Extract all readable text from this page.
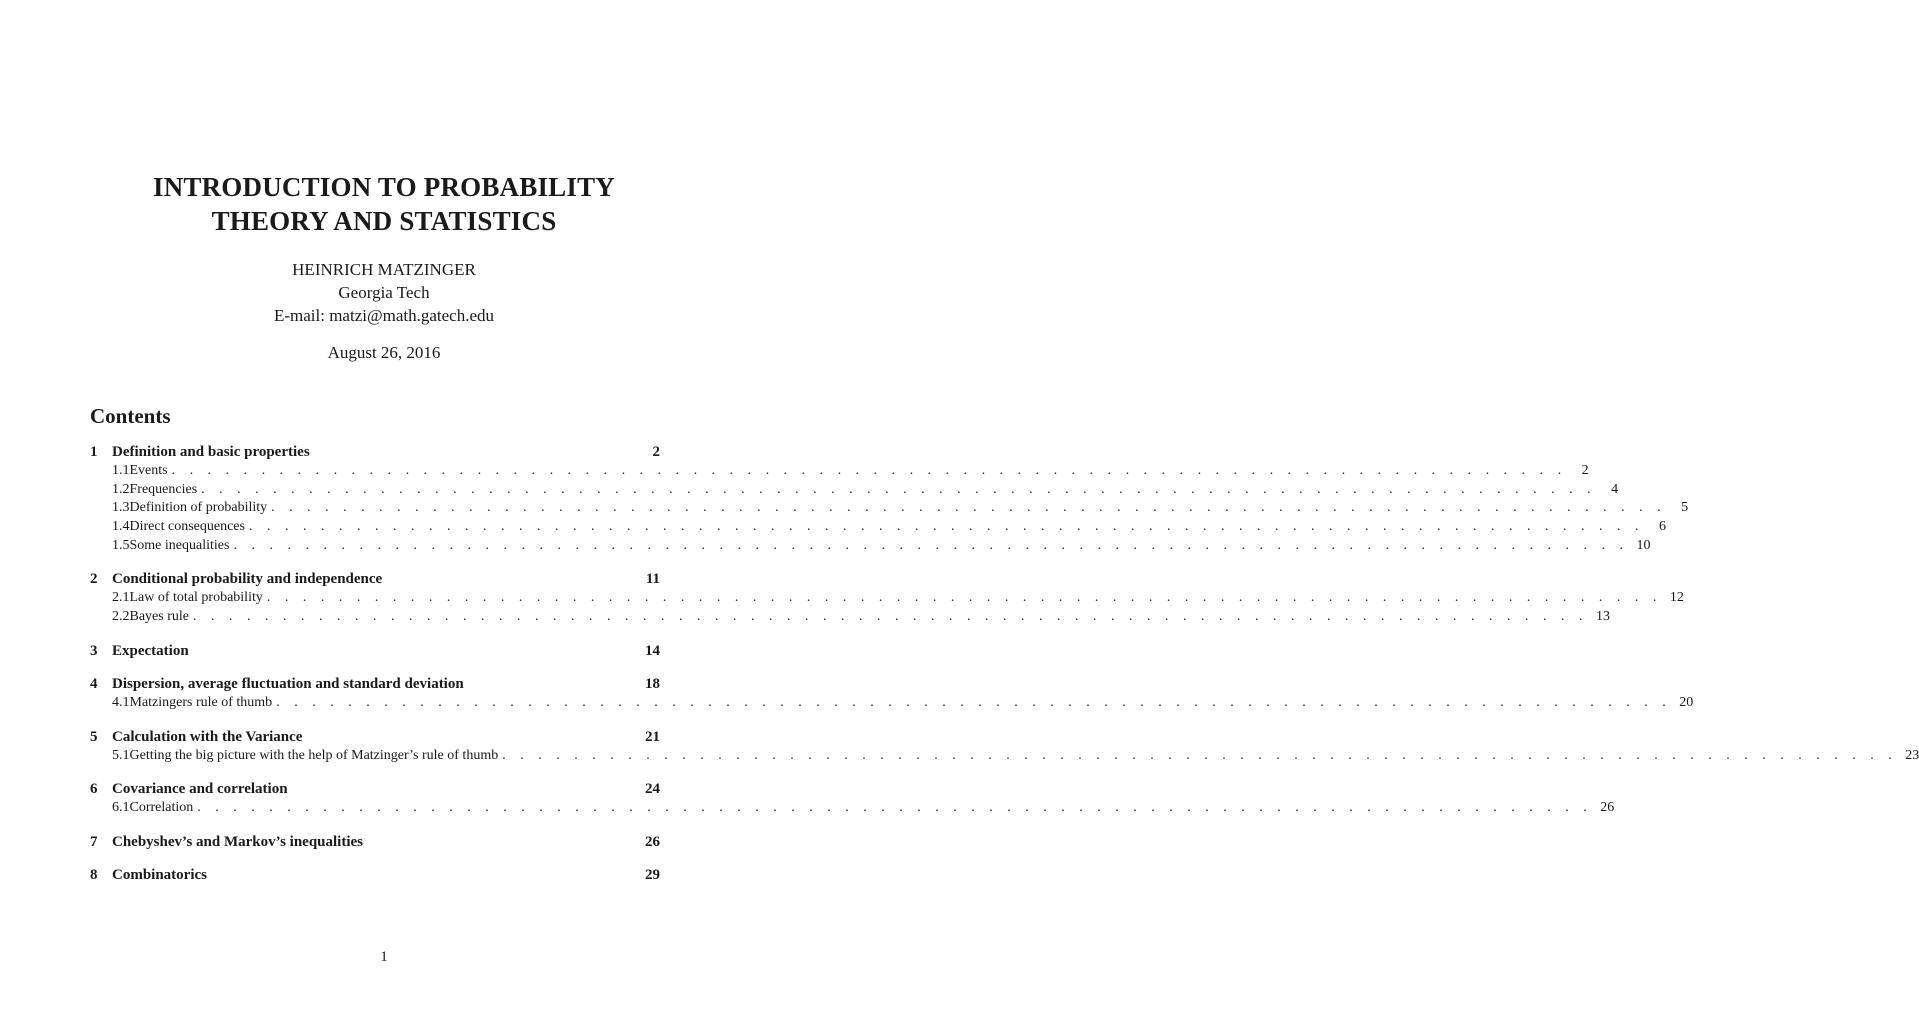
INTRODUCTION TO PROBABILITY
THEORY AND STATISTICS
HEINRICH MATZINGER
Georgia Tech
E-mail: matzi@math.gatech.edu
August 26, 2016
Contents
1 Definition and basic properties	2
1.1 Events . . . . . . . . . . . . . . . . . . . . . . . . . . . . . . . . . . . . . . . . . . . . . . . . . . . . . . . . . . . . . . . . . . . . . . . . . . . . . .	2
1.2 Frequencies . . . . . . . . . . . . . . . . . . . . . . . . . . . . . . . . . . . . . . . . . . . . . . . . . . . . . . . . . . . . . . . . . . . . . . . . . . . . . .	4
1.3 Definition of probability . . . . . . . . . . . . . . . . . . . . . . . . . . . . . . . . . . . . . . . . . . . . . . . . . . . . . . . . . . . . . . . . . . . . . . . . . . . . . .	5
1.4 Direct consequences . . . . . . . . . . . . . . . . . . . . . . . . . . . . . . . . . . . . . . . . . . . . . . . . . . . . . . . . . . . . . . . . . . . . . . . . . . . . . .	6
1.5 Some inequalities . . . . . . . . . . . . . . . . . . . . . . . . . . . . . . . . . . . . . . . . . . . . . . . . . . . . . . . . . . . . . . . . . . . . . . . . . . . . . . 10
2 Conditional probability and independence	11
2.1 Law of total probability . . . . . . . . . . . . . . . . . . . . . . . . . . . . . . . . . . . . . . . . . . . . . . . . . . . . . . . . . . . . . . . . . . . . . . . . . . . . . . 12
2.2 Bayes rule . . . . . . . . . . . . . . . . . . . . . . . . . . . . . . . . . . . . . . . . . . . . . . . . . . . . . . . . . . . . . . . . . . . . . . . . . . . . . . 13
3 Expectation	14
4 Dispersion, average fluctuation and standard deviation	18
4.1 Matzingers rule of thumb . . . . . . . . . . . . . . . . . . . . . . . . . . . . . . . . . . . . . . . . . . . . . . . . . . . . . . . . . . . . . . . . . . . . . . . . . . . . . . 20
5 Calculation with the Variance	21
5.1 Getting the big picture with the help of Matzinger’s rule of thumb . . . . . . . . . . . . . . . . . . . . . . . . . . . . . . . . . . . . . . . . . . . . . . . . . . . . . . . . . . . . . . . . . . . . . . . . . . . . . . 23
6 Covariance and correlation	24
6.1 Correlation . . . . . . . . . . . . . . . . . . . . . . . . . . . . . . . . . . . . . . . . . . . . . . . . . . . . . . . . . . . . . . . . . . . . . . . . . . . . . . 26
7 Chebyshev’s and Markov’s inequalities	26
8 Combinatorics	29
1
